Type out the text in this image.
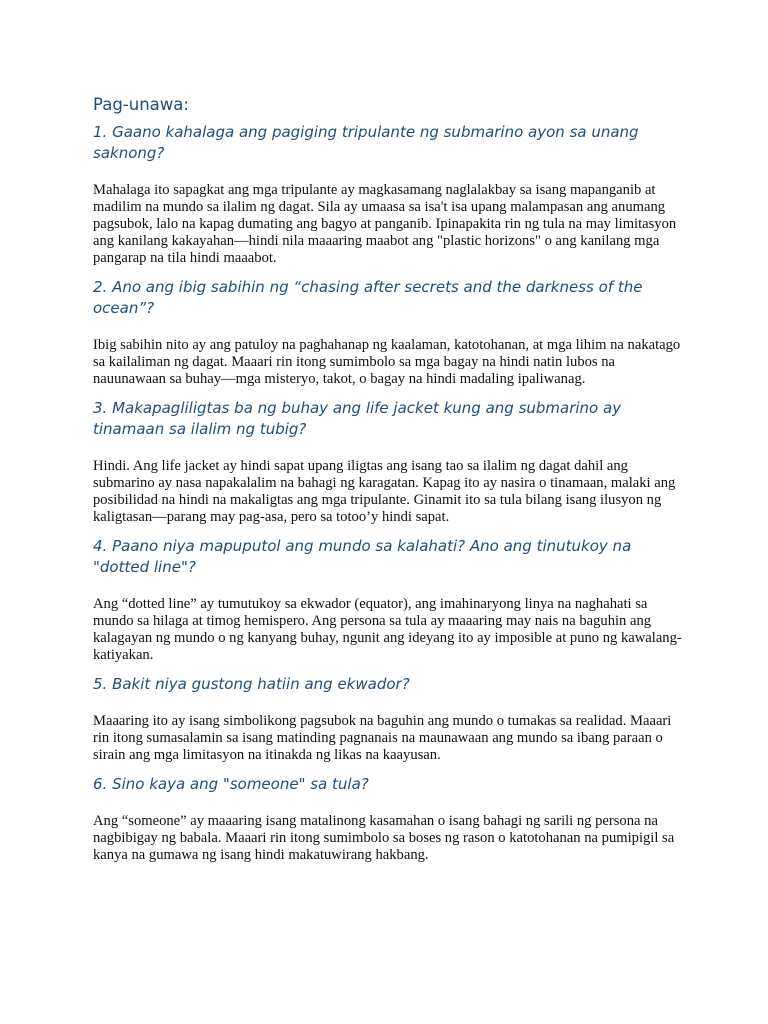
Pag-unawa:

1. Gaano kahalaga ang pagiging tripulante ng submarino ayon sa unang saknong?

Mahalaga ito sapagkat ang mga tripulante ay magkasamang naglalakbay sa isang mapanganib at madilim na mundo sa ilalim ng dagat. Sila ay umaasa sa isa't isa upang malampasan ang anumang pagsubok, lalo na kapag dumating ang bagyo at panganib. Ipinapakita rin ng tula na may limitasyon ang kanilang kakayahan—hindi nila maaaring maabot ang "plastic horizons" o ang kanilang mga pangarap na tila hindi maaabot.

2. Ano ang ibig sabihin ng “chasing after secrets and the darkness of the ocean”?

Ibig sabihin nito ay ang patuloy na paghahanap ng kaalaman, katotohanan, at mga lihim na nakatago sa kailaliman ng dagat. Maaari rin itong sumimbolo sa mga bagay na hindi natin lubos na nauunawaan sa buhay—mga misteryo, takot, o bagay na hindi madaling ipaliwanag.

3. Makapagliligtas ba ng buhay ang life jacket kung ang submarino ay tinamaan sa ilalim ng tubig?

Hindi. Ang life jacket ay hindi sapat upang iligtas ang isang tao sa ilalim ng dagat dahil ang submarino ay nasa napakalalim na bahagi ng karagatan. Kapag ito ay nasira o tinamaan, malaki ang posibilidad na hindi na makaligtas ang mga tripulante. Ginamit ito sa tula bilang isang ilusyon ng kaligtasan—parang may pag-asa, pero sa totoo’y hindi sapat.

4. Paano niya mapuputol ang mundo sa kalahati? Ano ang tinutukoy na "dotted line"?

Ang “dotted line” ay tumutukoy sa ekwador (equator), ang imahinaryong linya na naghahati sa mundo sa hilaga at timog hemispero. Ang persona sa tula ay maaaring may nais na baguhin ang kalagayan ng mundo o ng kanyang buhay, ngunit ang ideyang ito ay imposible at puno ng kawalang-katiyakan.

5. Bakit niya gustong hatiin ang ekwador?

Maaaring ito ay isang simbolikong pagsubok na baguhin ang mundo o tumakas sa realidad. Maaari rin itong sumasalamin sa isang matinding pagnanais na maunawaan ang mundo sa ibang paraan o sirain ang mga limitasyon na itinakda ng likas na kaayusan.

6. Sino kaya ang "someone" sa tula?

Ang “someone” ay maaaring isang matalinong kasamahan o isang bahagi ng sarili ng persona na nagbibigay ng babala. Maaari rin itong sumimbolo sa boses ng rason o katotohanan na pumipigil sa kanya na gumawa ng isang hindi makatuwirang hakbang.
